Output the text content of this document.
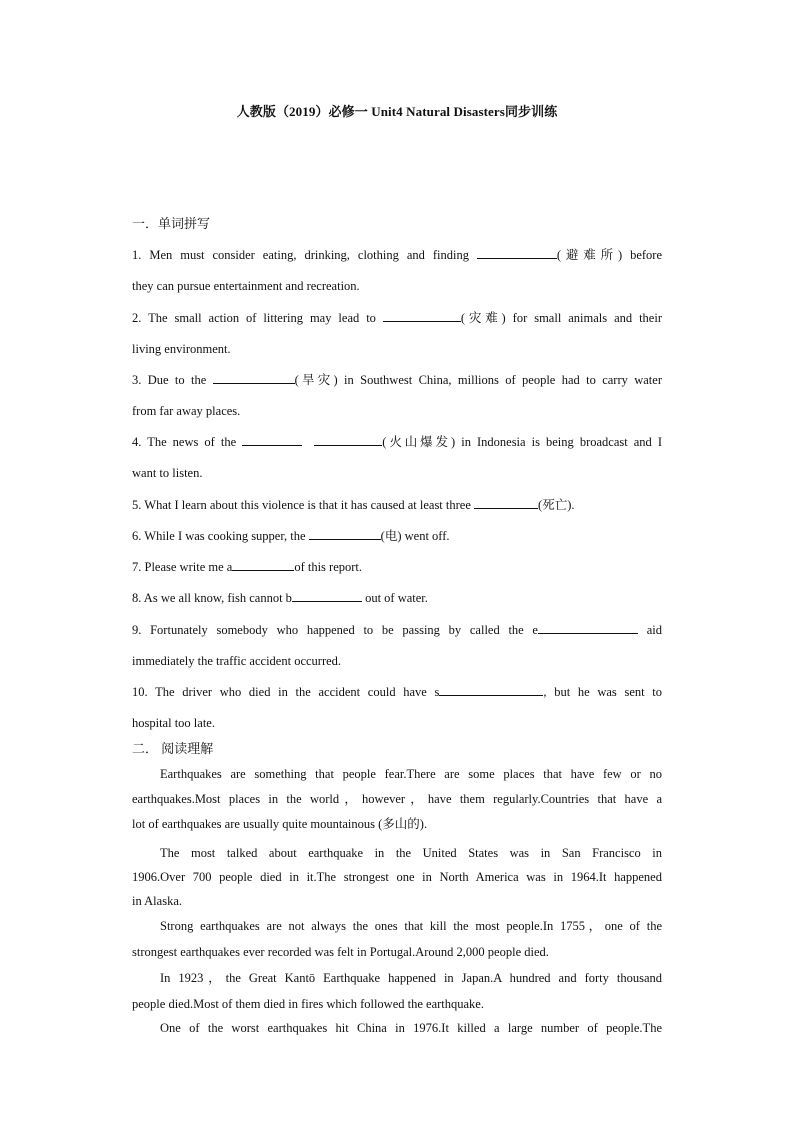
人教版（2019）必修一 Unit4 Natural Disasters同步训练
一．单词拼写
1. Men must consider eating, drinking, clothing and finding	(避难所) before
they can pursue entertainment and recreation.
2. The small action of littering may lead to	(灾难) for small animals and their
living environment.
3. Due to the	(旱灾) in Southwest China, millions of people had to carry water
from far away places.
4. The news of the	(火山爆发) in Indonesia is being broadcast and I
want to listen.
5. What I learn about this violence is that it has caused at least three	(死亡).
6. While I was cooking supper, the	(电) went off.
7. Please write me a	of this report.
8. As we all know, fish cannot b	out of water.
9. Fortunately somebody who happened to be passing by called the e	aid
immediately the traffic accident occurred.
10. The driver who died in the accident could have s	, but he was sent to
hospital too late.
二． 阅读理解
Earthquakes are something that people fear.There are some places that have few or no
earthquakes.Most places in the world，however，have them regularly.Countries that have a
lot of earthquakes are usually quite mountainous (多山的).
The most talked about earthquake in the United States was in San Francisco in
1906.Over 700 people died in it.The strongest one in North America was in 1964.It happened
in Alaska.
Strong earthquakes are not always the ones that kill the most people.In 1755，one of the
strongest earthquakes ever recorded was felt in Portugal.Around 2,000 people died.
In 1923，the Great Kantō Earthquake happened in Japan.A hundred and forty thousand
people died.Most of them died in fires which followed the earthquake.
One of the worst earthquakes hit China in 1976.It killed a large number of people.The
